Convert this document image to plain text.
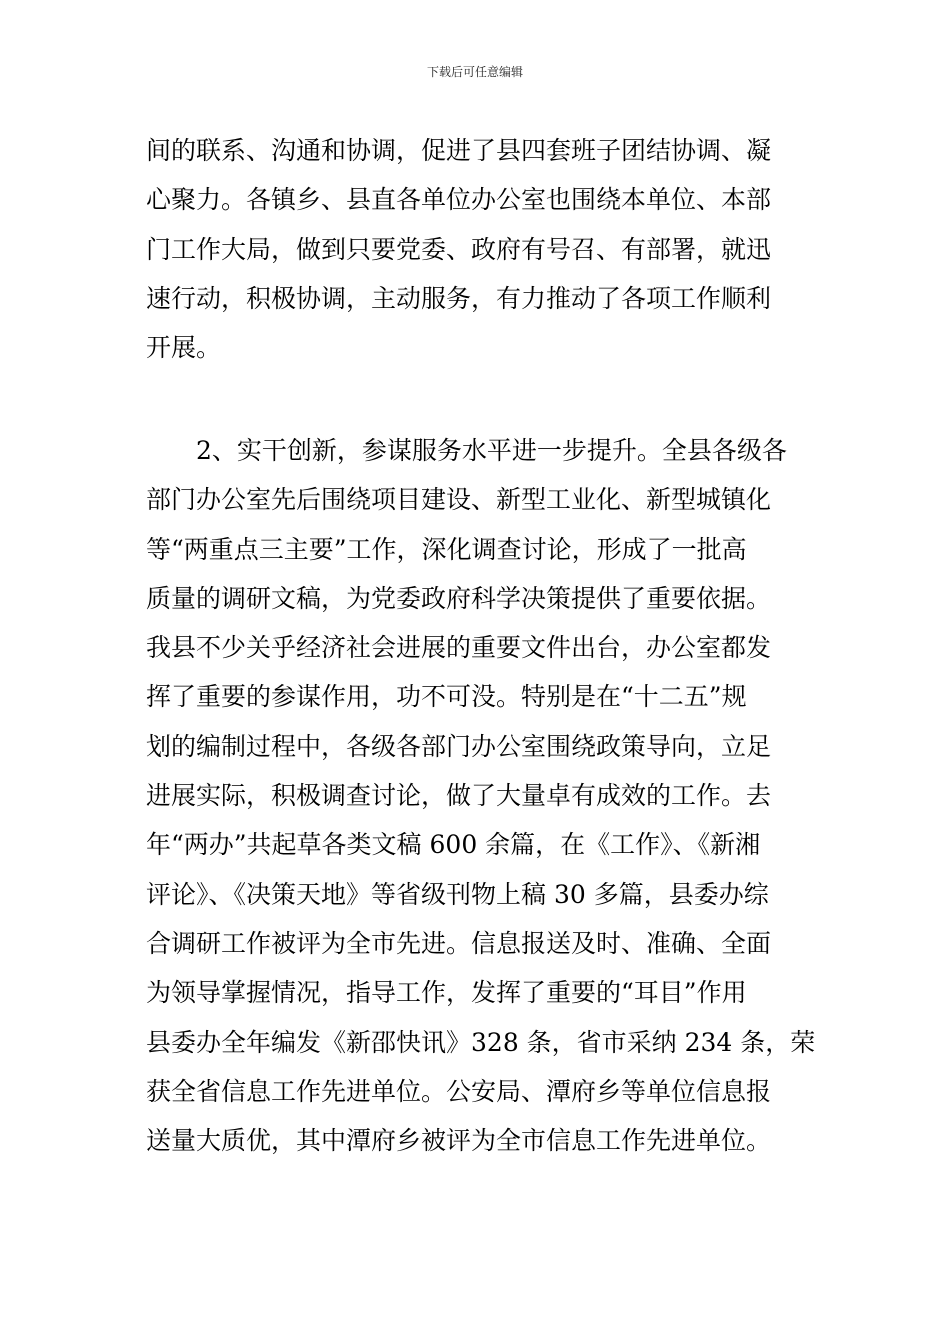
下载后可任意编辑
间的联系、沟通和协调，促进了县四套班子团结协调、凝
心聚力。各镇乡、县直各单位办公室也围绕本单位、本部
门工作大局，做到只要党委、政府有号召、有部署，就迅
速行动，积极协调，主动服务，有力推动了各项工作顺利
开展。
2、实干创新，参谋服务水平进一步提升。全县各级各
部门办公室先后围绕项目建设、新型工业化、新型城镇化
等“两重点三主要”工作，深化调查讨论，形成了一批高
质量的调研文稿，为党委政府科学决策提供了重要依据。
我县不少关乎经济社会进展的重要文件出台，办公室都发
挥了重要的参谋作用，功不可没。特别是在“十二五”规
划的编制过程中，各级各部门办公室围绕政策导向，立足
进展实际，积极调查讨论，做了大量卓有成效的工作。去
年“两办”共起草各类文稿 600 余篇，在《工作》、《新湘
评论》、《决策天地》等省级刊物上稿 30 多篇，县委办综
合调研工作被评为全市先进。信息报送及时、准确、全面
为领导掌握情况，指导工作，发挥了重要的“耳目”作用
县委办全年编发《新邵快讯》328 条，省市采纳 234 条，荣
获全省信息工作先进单位。公安局、潭府乡等单位信息报
送量大质优，其中潭府乡被评为全市信息工作先进单位。
